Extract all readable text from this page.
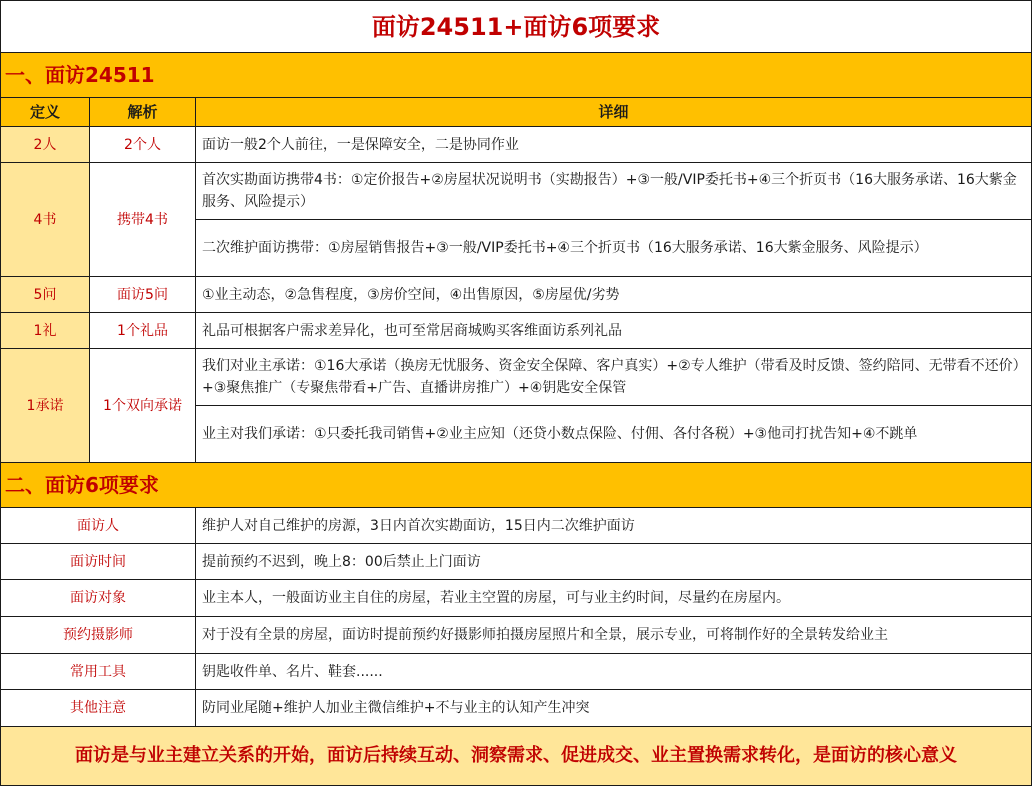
面访24511+面访6项要求		
一、面访24511		
定义	解析	详细
2人	2个人	面访一般2个人前往，一是保障安全，二是协同作业
4书	携带4书	首次实勘面访携带4书：①定价报告+②房屋状况说明书（实勘报告）+③一般/VIP委托书+④三个折页书（16大服务承诺、16大紫金服务、风险提示）
		二次维护面访携带：①房屋销售报告+③一般/VIP委托书+④三个折页书（16大服务承诺、16大紫金服务、风险提示）
5问	面访5问	①业主动态，②急售程度，③房价空间，④出售原因，⑤房屋优/劣势
1礼	1个礼品	礼品可根据客户需求差异化，也可至常居商城购买客维面访系列礼品
1承诺	1个双向承诺	我们对业主承诺：①16大承诺（换房无忧服务、资金安全保障、客户真实）+②专人维护（带看及时反馈、签约陪同、无带看不还价）+③聚焦推广（专聚焦带看+广告、直播讲房推广）+④钥匙安全保管
		业主对我们承诺：①只委托我司销售+②业主应知（还贷小数点保险、付佣、各付各税）+③他司打扰告知+④不跳单
二、面访6项要求		
面访人		维护人对自己维护的房源，3日内首次实勘面访，15日内二次维护面访
面访时间		提前预约不迟到，晚上8：00后禁止上门面访
面访对象		业主本人，一般面访业主自住的房屋，若业主空置的房屋，可与业主约时间，尽量约在房屋内。
预约摄影师		对于没有全景的房屋，面访时提前预约好摄影师拍摄房屋照片和全景，展示专业，可将制作好的全景转发给业主
常用工具		钥匙收件单、名片、鞋套......
其他注意		防同业尾随+维护人加业主微信维护+不与业主的认知产生冲突
面访是与业主建立关系的开始，面访后持续互动、洞察需求、促进成交、业主置换需求转化，是面访的核心意义		
